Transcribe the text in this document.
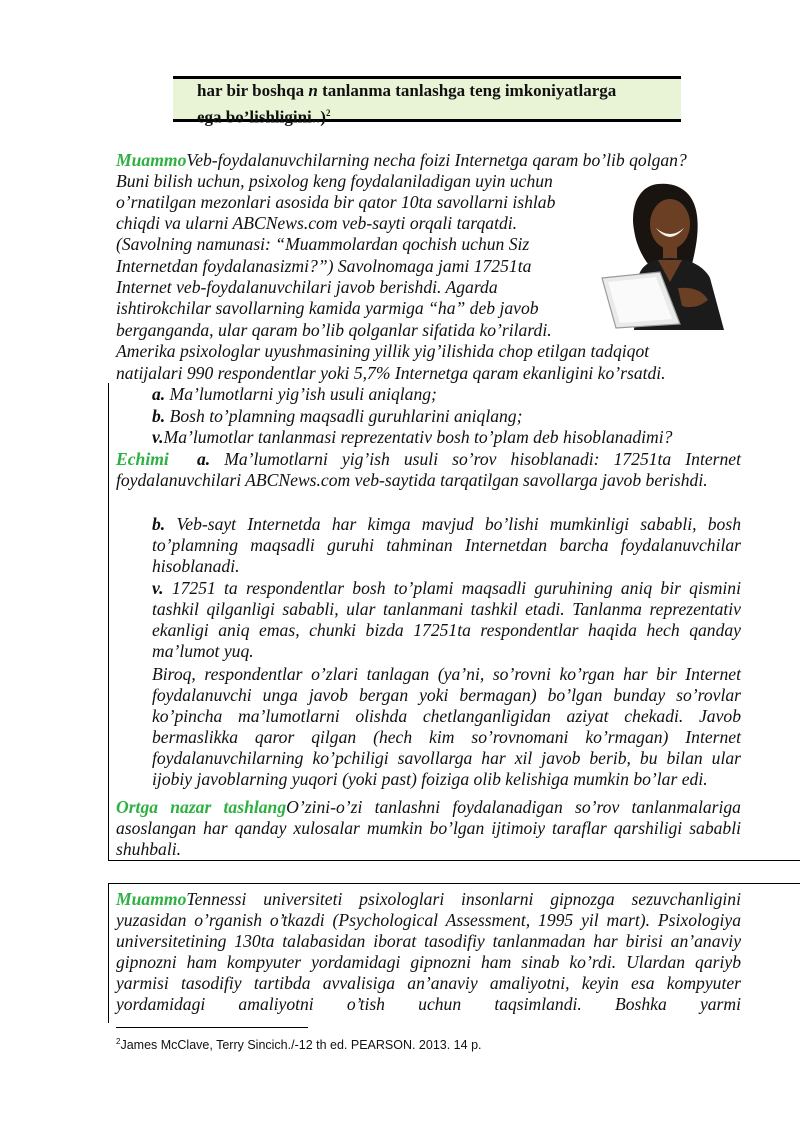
har bir boshqa n tanlanma tanlashga teng imkoniyatlarga
ega bo’lishligini..)$^2$
MuammoVeb-foydalanuvchilarning necha foizi Internetga qaram bo’lib qolgan?
Buni bilish uchun, psixolog keng foydalaniladigan uyin uchun
o’rnatilgan mezonlari asosida bir qator 10ta savollarni ishlab
chiqdi va ularni ABCNews.com veb-sayti orqali tarqatdi.
(Savolning namunasi: “Muammolardan qochish uchun Siz
Internetdan foydalanasizmi?”) Savolnomaga jami 17251ta
Internet veb-foydalanuvchilari javob berishdi. Agarda
ishtirokchilar savollarning kamida yarmiga “ha” deb javob
berganganda, ular qaram bo’lib qolganlar sifatida ko’rilardi.
Amerika psixologlar uyushmasining yillik yig’ilishida chop etilgan tadqiqot
natijalari 990 respondentlar yoki 5,7% Internetga qaram ekanligini ko’rsatdi.
a. Ma’lumotlarni yig’ish usuli aniqlang;
b. Bosh to’plamning maqsadli guruhlarini aniqlang;
v.Ma’lumotlar tanlanmasi reprezentativ bosh to’plam deb hisoblanadimi?
Echimi a. Ma’lumotlarni yig’ish usuli so’rov hisoblanadi: 17251ta Internet foydalanuvchilari ABCNews.com veb-saytida tarqatilgan savollarga javob berishdi.
b. Veb-sayt Internetda har kimga mavjud bo’lishi mumkinligi sababli, bosh to’plamning maqsadli guruhi tahminan Internetdan barcha foydalanuvchilar hisoblanadi.
v. 17251 ta respondentlar bosh to’plami maqsadli guruhining aniq bir qismini tashkil qilganligi sababli, ular tanlanmani tashkil etadi. Tanlanma reprezentativ ekanligi aniq emas, chunki bizda 17251ta respondentlar haqida hech qanday ma’lumot yuq.
Biroq, respondentlar o’zlari tanlagan (ya’ni, so’rovni ko’rgan har bir Internet foydalanuvchi unga javob bergan yoki bermagan) bo’lgan bunday so’rovlar ko’pincha ma’lumotlarni olishda chetlanganligidan aziyat chekadi. Javob bermaslikka qaror qilgan (hech kim so’rovnomani ko’rmagan) Internet foydalanuvchilarning ko’pchiligi savollarga har xil javob berib, bu bilan ular ijobiy javoblarning yuqori (yoki past) foiziga olib kelishiga mumkin bo’lar edi.
Ortga nazar tashlangO’zini-o’zi tanlashni foydalanadigan so’rov tanlanmalariga asoslangan har qanday xulosalar mumkin bo’lgan ijtimoiy taraflar qarshiligi sababli shuhbali.
MuammoTennessi universiteti psixologlari insonlarni gipnozga sezuvchanligini yuzasidan o’rganish o’tkazdi (Psychological Assessment, 1995 yil mart). Psixologiya universitetining 130ta talabasidan iborat tasodifiy tanlanmadan har birisi an’anaviy gipnozni ham kompyuter yordamidagi gipnozni ham sinab ko’rdi. Ulardan qariyb yarmisi tasodifiy tartibda avvalisiga an’anaviy amaliyotni, keyin esa kompyuter yordamidagi amaliyotni o’tish uchun taqsimlandi. Boshka yarmi
$^2$James McClave, Terry Sincich./-12 th ed. PEARSON. 2013. 14 p.
